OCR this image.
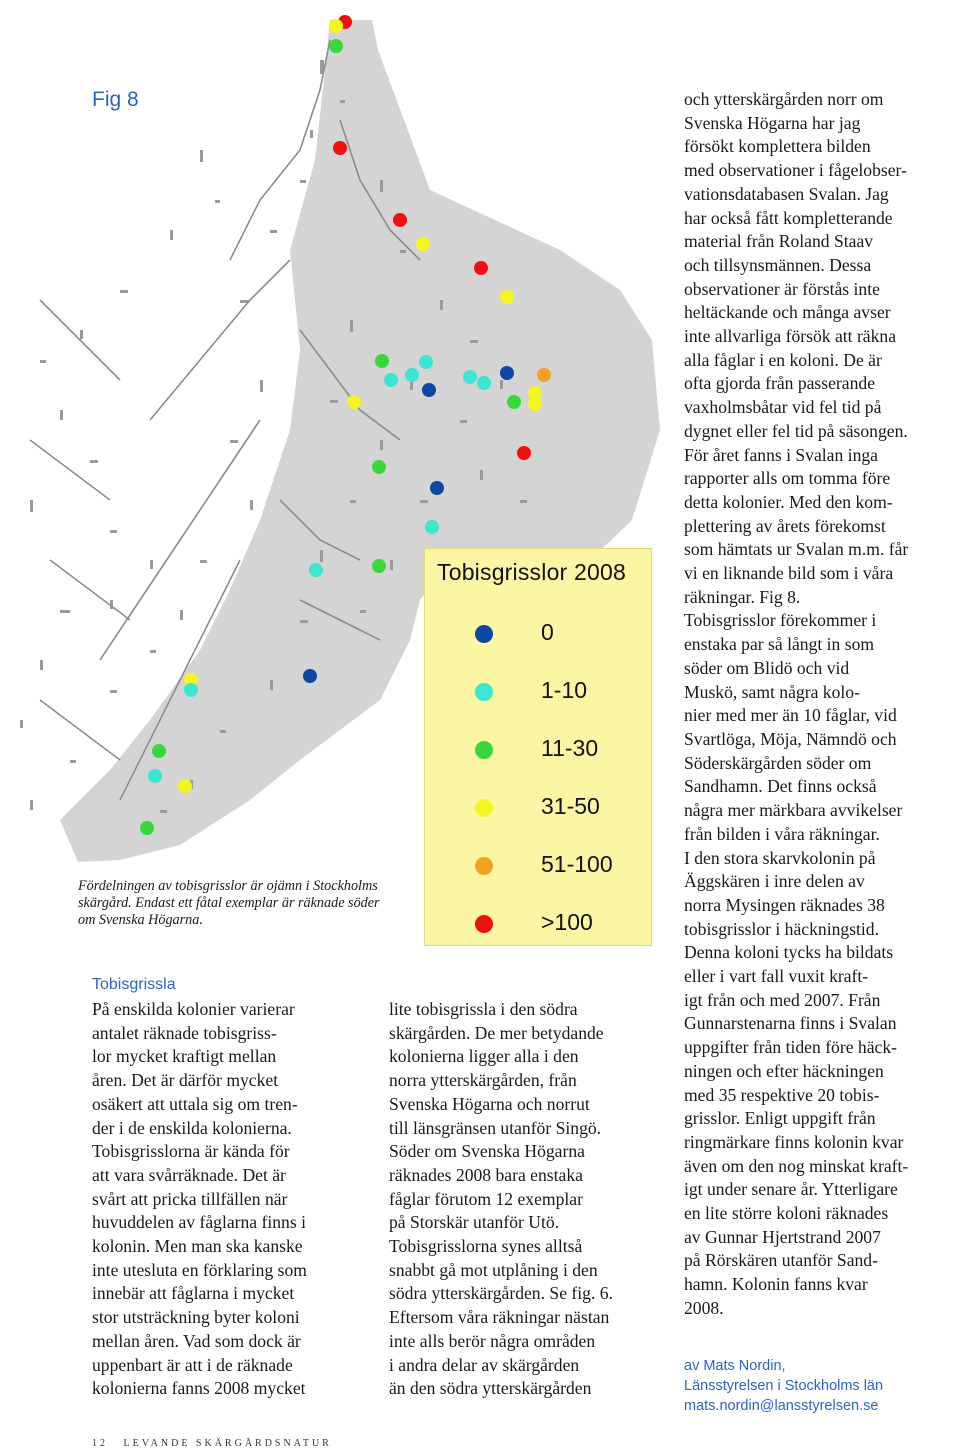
Fig 8
Tobisgrisslor 2008
0
1-10
11-30
31-50
51-100
>100
Fördelningen av tobisgrisslor är ojämn i Stockholms skärgård. Endast ett fåtal exemplar är räknade söder om Svenska Högarna.
Tobisgrissla

På enskilda kolonier varierar

antalet räknade tobisgriss-

lor mycket kraftigt mellan

åren. Det är därför mycket

osäkert att uttala sig om tren-

der i de enskilda kolonierna.

Tobisgrisslorna är kända för

att vara svårräknade. Det är

svårt att pricka tillfällen när

huvuddelen av fåglarna finns i

kolonin. Men man ska kanske

inte utesluta en förklaring som

innebär att fåglarna i mycket

stor utsträckning byter koloni

mellan åren. Vad som dock är

uppenbart är att i de räknade

kolonierna fanns 2008 mycket

lite tobisgrissla i den södra

skärgården. De mer betydande

kolonierna ligger alla i den

norra ytterskärgården, från

Svenska Högarna och norrut

till länsgränsen utanför Singö.

Söder om Svenska Högarna

räknades 2008 bara enstaka

fåglar förutom 12 exemplar

på Storskär utanför Utö.

Tobisgrisslorna synes alltså

snabbt gå mot utplåning i den

södra ytterskärgården. Se fig. 6.

Eftersom våra räkningar nästan

inte alls berör några områden

i andra delar av skärgården

än den södra ytterskärgården

och ytterskärgården norr om

Svenska Högarna har jag

försökt komplettera bilden

med observationer i fågelobser-

vationsdatabasen Svalan. Jag

har också fått kompletterande

material från Roland Staav

och tillsynsmännen. Dessa

observationer är förstås inte

heltäckande och många avser

inte allvarliga försök att räkna

alla fåglar i en koloni. De är

ofta gjorda från passerande

vaxholmsbåtar vid fel tid på

dygnet eller fel tid på säsongen.

För året fanns i Svalan inga

rapporter alls om tomma före

detta kolonier. Med den kom-

plettering av årets förekomst

som hämtats ur Svalan m.m. får

vi en liknande bild som i våra

räkningar. Fig 8.

Tobisgrisslor förekommer i

enstaka par så långt in som

söder om Blidö och vid

Muskö, samt några kolo-

nier med mer än 10 fåglar, vid

Svartlöga, Möja, Nämndö och

Söderskärgården söder om

Sandhamn. Det finns också

några mer märkbara avvikelser

från bilden i våra räkningar.

I den stora skarvkolonin på

Äggskären i inre delen av

norra Mysingen räknades 38

tobisgrisslor i häckningstid.

Denna koloni tycks ha bildats

eller i vart fall vuxit kraft-

igt från och med 2007. Från

Gunnarstenarna finns i Svalan

uppgifter från tiden före häck-

ningen och efter häckningen

med 35 respektive 20 tobis-

grisslor. Enligt uppgift från

ringmärkare finns kolonin kvar

även om den nog minskat kraft-

igt under senare år. Ytterligare

en lite större koloni räknades

av Gunnar Hjertstrand 2007

på Rörskären utanför Sand-

hamn. Kolonin fanns kvar

2008.

av Mats Nordin,
Länsstyrelsen i Stockholms län
mats.nordin@lansstyrelsen.se
12 LEVANDE SKÄRGÅRDSNATUR
